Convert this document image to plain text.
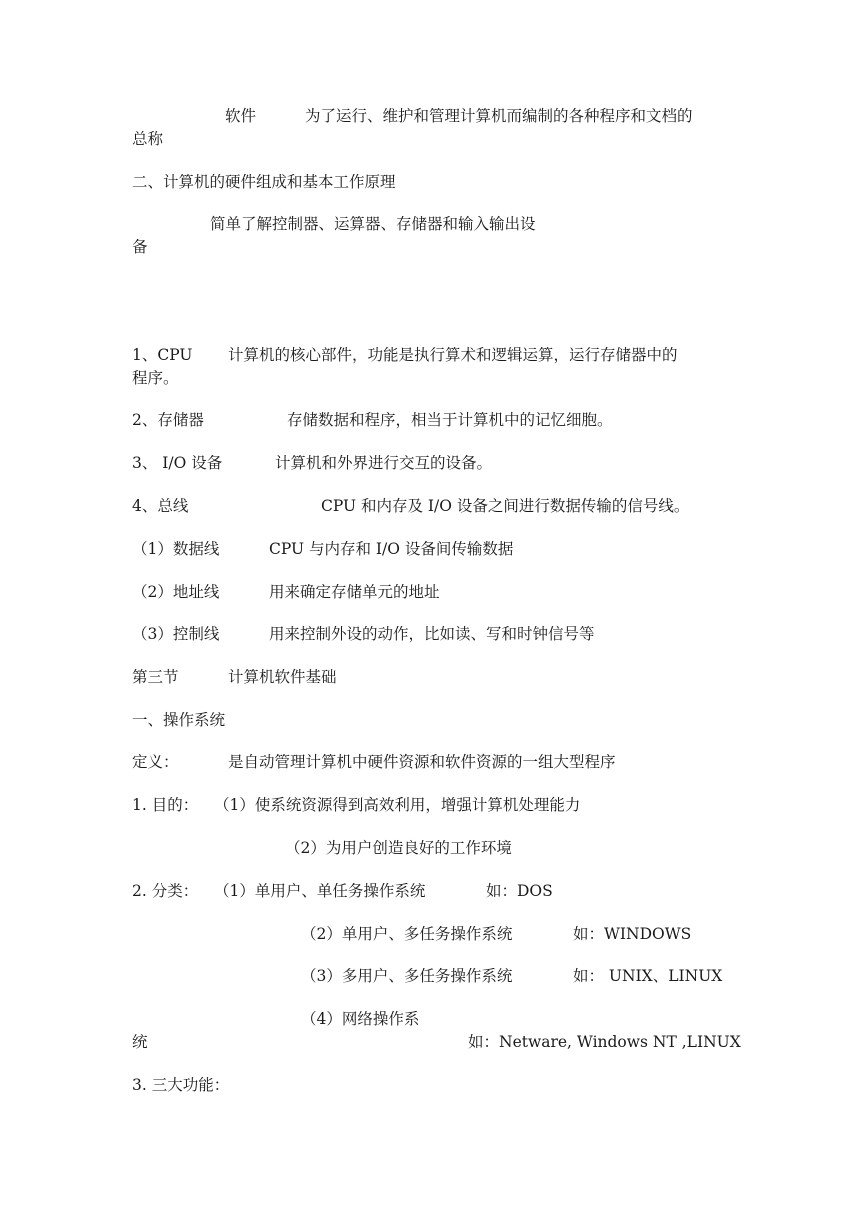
软件	为了运行、维护和管理计算机而编制的各种程序和文档的
总称
二、计算机的硬件组成和基本工作原理
简单了解控制器、运算器、存储器和输入输出设
备
1、CPU 计算机的核心部件，功能是执行算术和逻辑运算，运行存储器中的
程序。
2、存储器	存储数据和程序，相当于计算机中的记忆细胞。
3、 I/O 设备	计算机和外界进行交互的设备。
4、总线	CPU 和内存及 I/O 设备之间进行数据传输的信号线。
（1）数据线	CPU 与内存和 I/O 设备间传输数据
（2）地址线	用来确定存储单元的地址
（3）控制线	用来控制外设的动作，比如读、写和时钟信号等
第三节	计算机软件基础
一、操作系统
定义：	是自动管理计算机中硬件资源和软件资源的一组大型程序
1. 目的： （1）使系统资源得到高效利用，增强计算机处理能力
（2）为用户创造良好的工作环境
2. 分类： （1）单用户、单任务操作系统	如：DOS
（2）单用户、多任务操作系统	如：WINDOWS
（3）多用户、多任务操作系统	如： UNIX、LINUX
（4）网络操作系
统	如：Netware, Windows NT ,LINUX
3. 三大功能：
